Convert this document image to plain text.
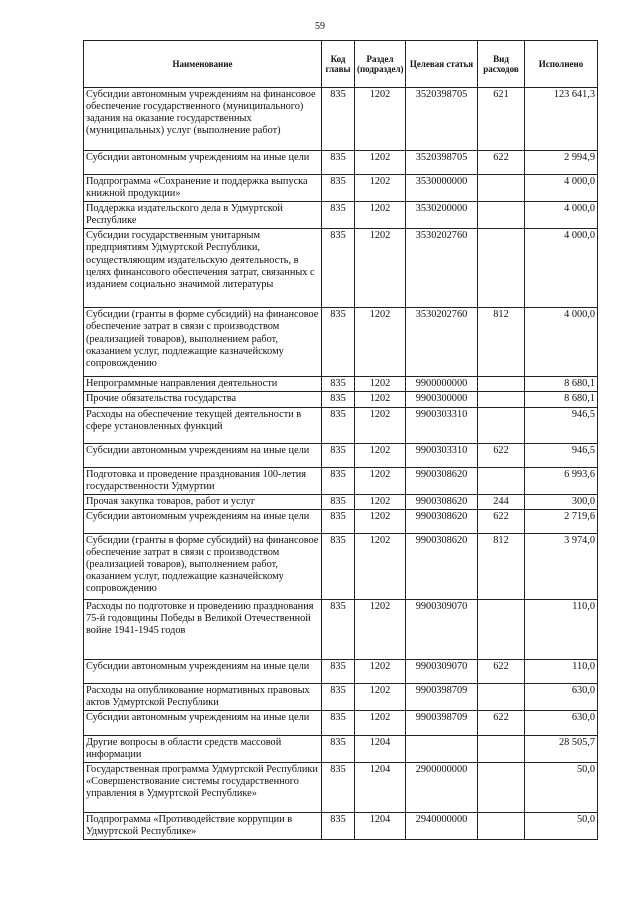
59
Наименование	Код главы	Раздел (подраздел)	Целевая статья	Вид расходов	Исполнено
Субсидии автономным учреждениям на финансовое обеспечение государственного (муниципального) задания на оказание государственных (муниципальных) услуг (выполнение работ)	835	1202	3520398705	621	123 641,3
Субсидии автономным учреждениям на иные цели	835	1202	3520398705	622	2 994,9
Подпрограмма «Сохранение и поддержка выпуска книжной продукции»	835	1202	3530000000		4 000,0
Поддержка издательского дела в Удмуртской Республике	835	1202	3530200000		4 000,0
Субсидии государственным унитарным предприятиям Удмуртской Республики, осуществляющим издательскую деятельность, в целях финансового обеспечения затрат, связанных с изданием социально значимой литературы	835	1202	3530202760		4 000,0
Субсидии (гранты в форме субсидий) на финансовое обеспечение затрат в связи с производством (реализацией товаров), выполнением работ, оказанием услуг, подлежащие казначейскому сопровождению	835	1202	3530202760	812	4 000,0
Непрограммные направления деятельности	835	1202	9900000000		8 680,1
Прочие обязательства государства	835	1202	9900300000		8 680,1
Расходы на обеспечение текущей деятельности в сфере установленных функций	835	1202	9900303310		946,5
Субсидии автономным учреждениям на иные цели	835	1202	9900303310	622	946,5
Подготовка и проведение празднования 100-летия государственности Удмуртии	835	1202	9900308620		6 993,6
Прочая закупка товаров, работ и услуг	835	1202	9900308620	244	300,0
Субсидии автономным учреждениям на иные цели	835	1202	9900308620	622	2 719,6
Субсидии (гранты в форме субсидий) на финансовое обеспечение затрат в связи с производством (реализацией товаров), выполнением работ, оказанием услуг, подлежащие казначейскому сопровождению	835	1202	9900308620	812	3 974,0
Расходы по подготовке и проведению празднования 75-й годовщины Победы в Великой Отечественной войне 1941-1945 годов	835	1202	9900309070		110,0
Субсидии автономным учреждениям на иные цели	835	1202	9900309070	622	110,0
Расходы на опубликование нормативных правовых актов Удмуртской Республики	835	1202	9900398709		630,0
Субсидии автономным учреждениям на иные цели	835	1202	9900398709	622	630,0
Другие вопросы в области средств массовой информации	835	1204			28 505,7
Государственная программа Удмуртской Республики «Совершенствование системы государственного управления в Удмуртской Республике»	835	1204	2900000000		50,0
Подпрограмма «Противодействие коррупции в Удмуртской Республике»	835	1204	2940000000		50,0
